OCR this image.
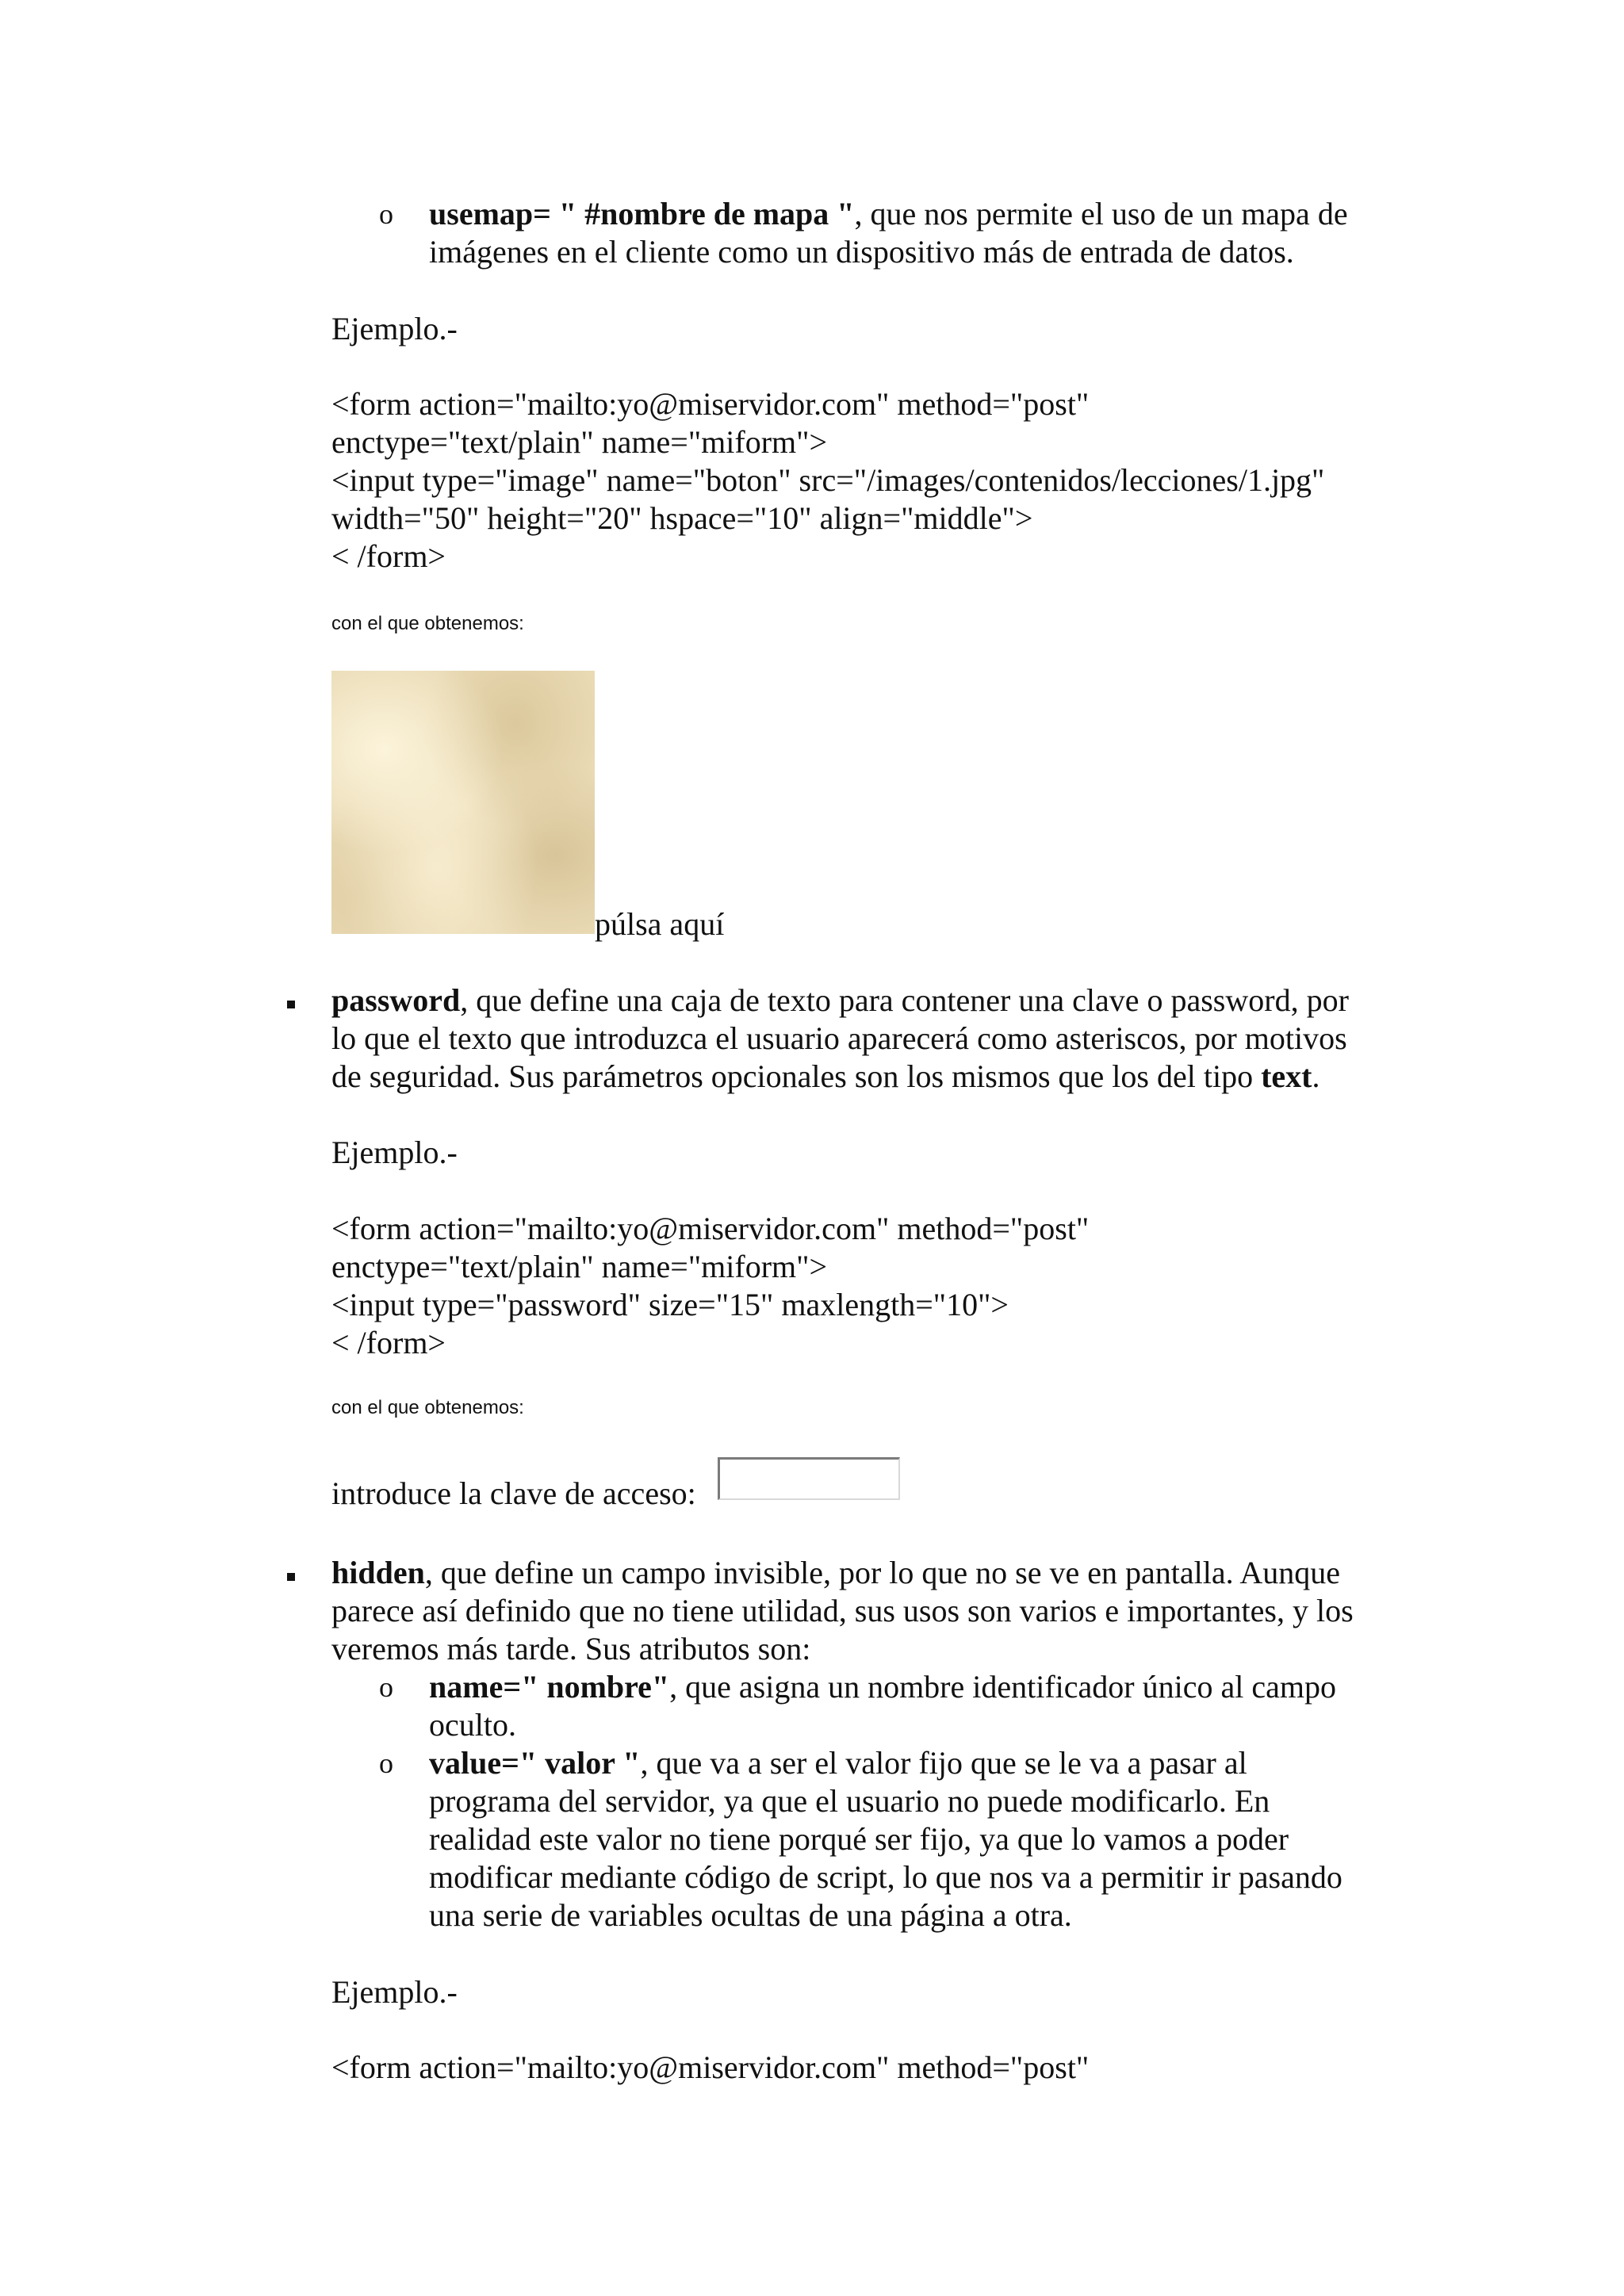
o usemap= " #nombre de mapa ", que nos permite el uso de un mapa de
imágenes en el cliente como un dispositivo más de entrada de datos.
Ejemplo.-
<form action="mailto:yo@miservidor.com" method="post"
enctype="text/plain" name="miform">
<input type="image" name="boton" src="/images/contenidos/lecciones/1.jpg"
width="50" height="20" hspace="10" align="middle">
< /form>
con el que obtenemos:
púlsa aquí
password, que define una caja de texto para contener una clave o password, por
lo que el texto que introduzca el usuario aparecerá como asteriscos, por motivos
de seguridad. Sus parámetros opcionales son los mismos que los del tipo text.
Ejemplo.-
<form action="mailto:yo@miservidor.com" method="post"
enctype="text/plain" name="miform">
<input type="password" size="15" maxlength="10">
< /form>
con el que obtenemos:
introduce la clave de acceso:
hidden, que define un campo invisible, por lo que no se ve en pantalla. Aunque
parece así definido que no tiene utilidad, sus usos son varios e importantes, y los
veremos más tarde. Sus atributos son:
o name=" nombre", que asigna un nombre identificador único al campo
oculto.
o value=" valor ", que va a ser el valor fijo que se le va a pasar al
programa del servidor, ya que el usuario no puede modificarlo. En
realidad este valor no tiene porqué ser fijo, ya que lo vamos a poder
modificar mediante código de script, lo que nos va a permitir ir pasando
una serie de variables ocultas de una página a otra.
Ejemplo.-
<form action="mailto:yo@miservidor.com" method="post"
